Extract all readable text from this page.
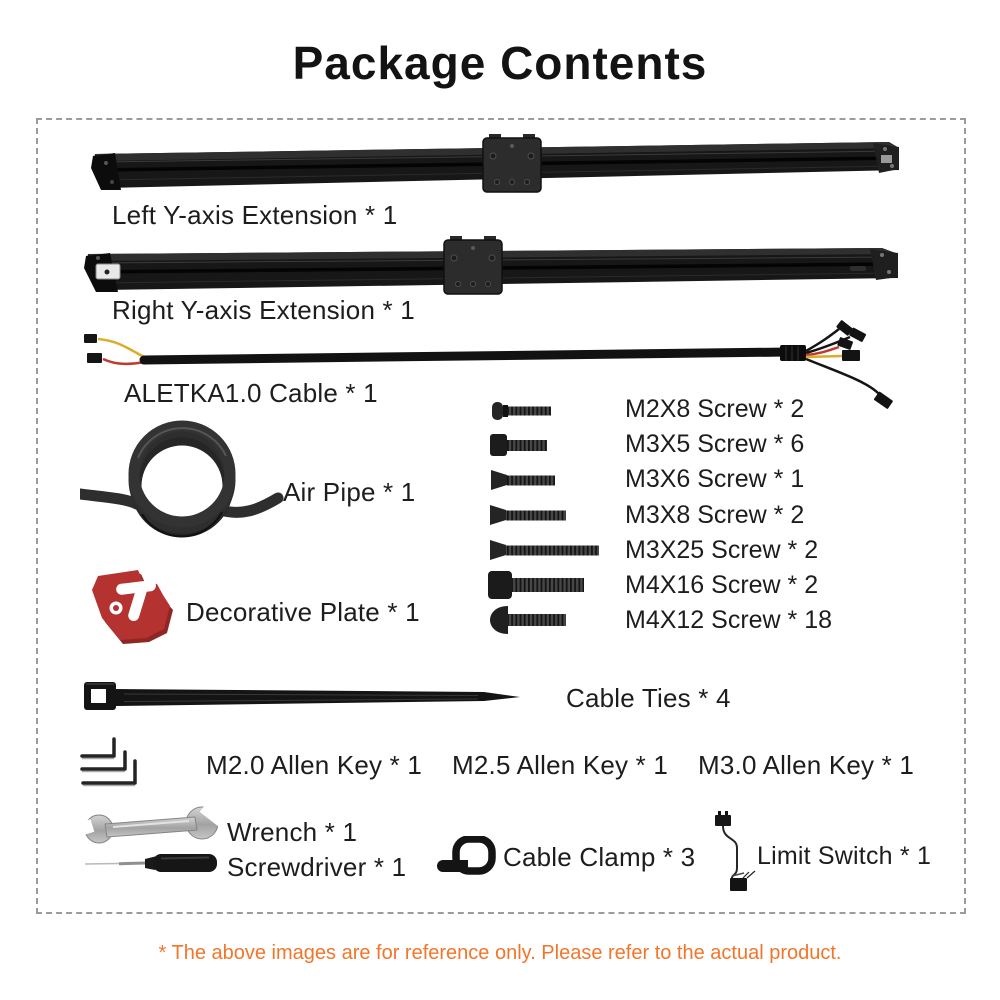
Package Contents
Left Y-axis Extension * 1
Right Y-axis Extension * 1
ALETKA1.0 Cable * 1
Air Pipe * 1
M2X8 Screw * 2
M3X5 Screw * 6
M3X6 Screw * 1
M3X8 Screw * 2
M3X25 Screw * 2
M4X16 Screw * 2
M4X12 Screw * 18
Decorative Plate * 1
Cable Ties * 4
M2.0 Allen Key * 1 M2.5 Allen Key * 1 M3.0 Allen Key * 1
Wrench * 1
Screwdriver * 1	Cable Clamp * 3 Limit Switch * 1
* The above images are for reference only. Please refer to the actual product.
